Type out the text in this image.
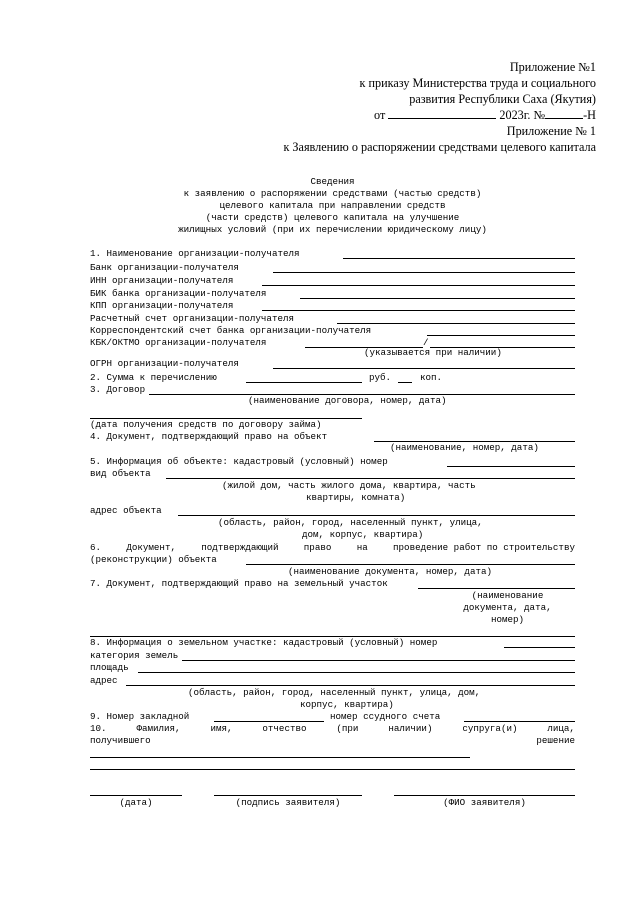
Приложение №1
к приказу Министерства труда и социального
развития Республики Саха (Якутия)
от	2023г. №	-Н
Приложение № 1
к Заявлению о распоряжении средствами целевого капитала
Сведения
к заявлению о распоряжении средствами (частью средств)
целевого капитала при направлении средств
(части средств) целевого капитала на улучшение
жилищных условий (при их перечислении юридическому лицу)
1. Наименование организации-получателя
Банк организации-получателя
ИНН организации-получателя
БИК банка организации-получателя
КПП организации-получателя
Расчетный счет организации-получателя
Корреспондентский счет банка организации-получателя
КБК/ОКТМО организации-получателя	/
(указывается при наличии)
ОГРН организации-получателя
2. Сумма к перечислению	руб.	коп.
3. Договор
(наименование договора, номер, дата)
(дата получения средств по договору займа)
4. Документ, подтверждающий право на объект
(наименование, номер, дата)
5. Информация об объекте: кадастровый (условный) номер
вид объекта
(жилой дом, часть жилого дома, квартира, часть
квартиры, комната)
адрес объекта
(область, район, город, населенный пункт, улица,
дом, корпус, квартира)
6.	Документ,	подтверждающий	право	на	проведение работ по строительству
(реконструкции) объекта
(наименование документа, номер, дата)
7. Документ, подтверждающий право на земельный участок
(наименование
документа, дата,
номер)
8. Информация о земельном участке: кадастровый (условный) номер
категория земель
площадь
адрес
(область, район, город, населенный пункт, улица, дом,
корпус, квартира)
9. Номер закладной	номер ссудного счета
10.	Фамилия,	имя,	отчество	(при	наличии)	супруга(и)	лица,
получившего	решение
(дата)	(подпись заявителя)	(ФИО заявителя)
